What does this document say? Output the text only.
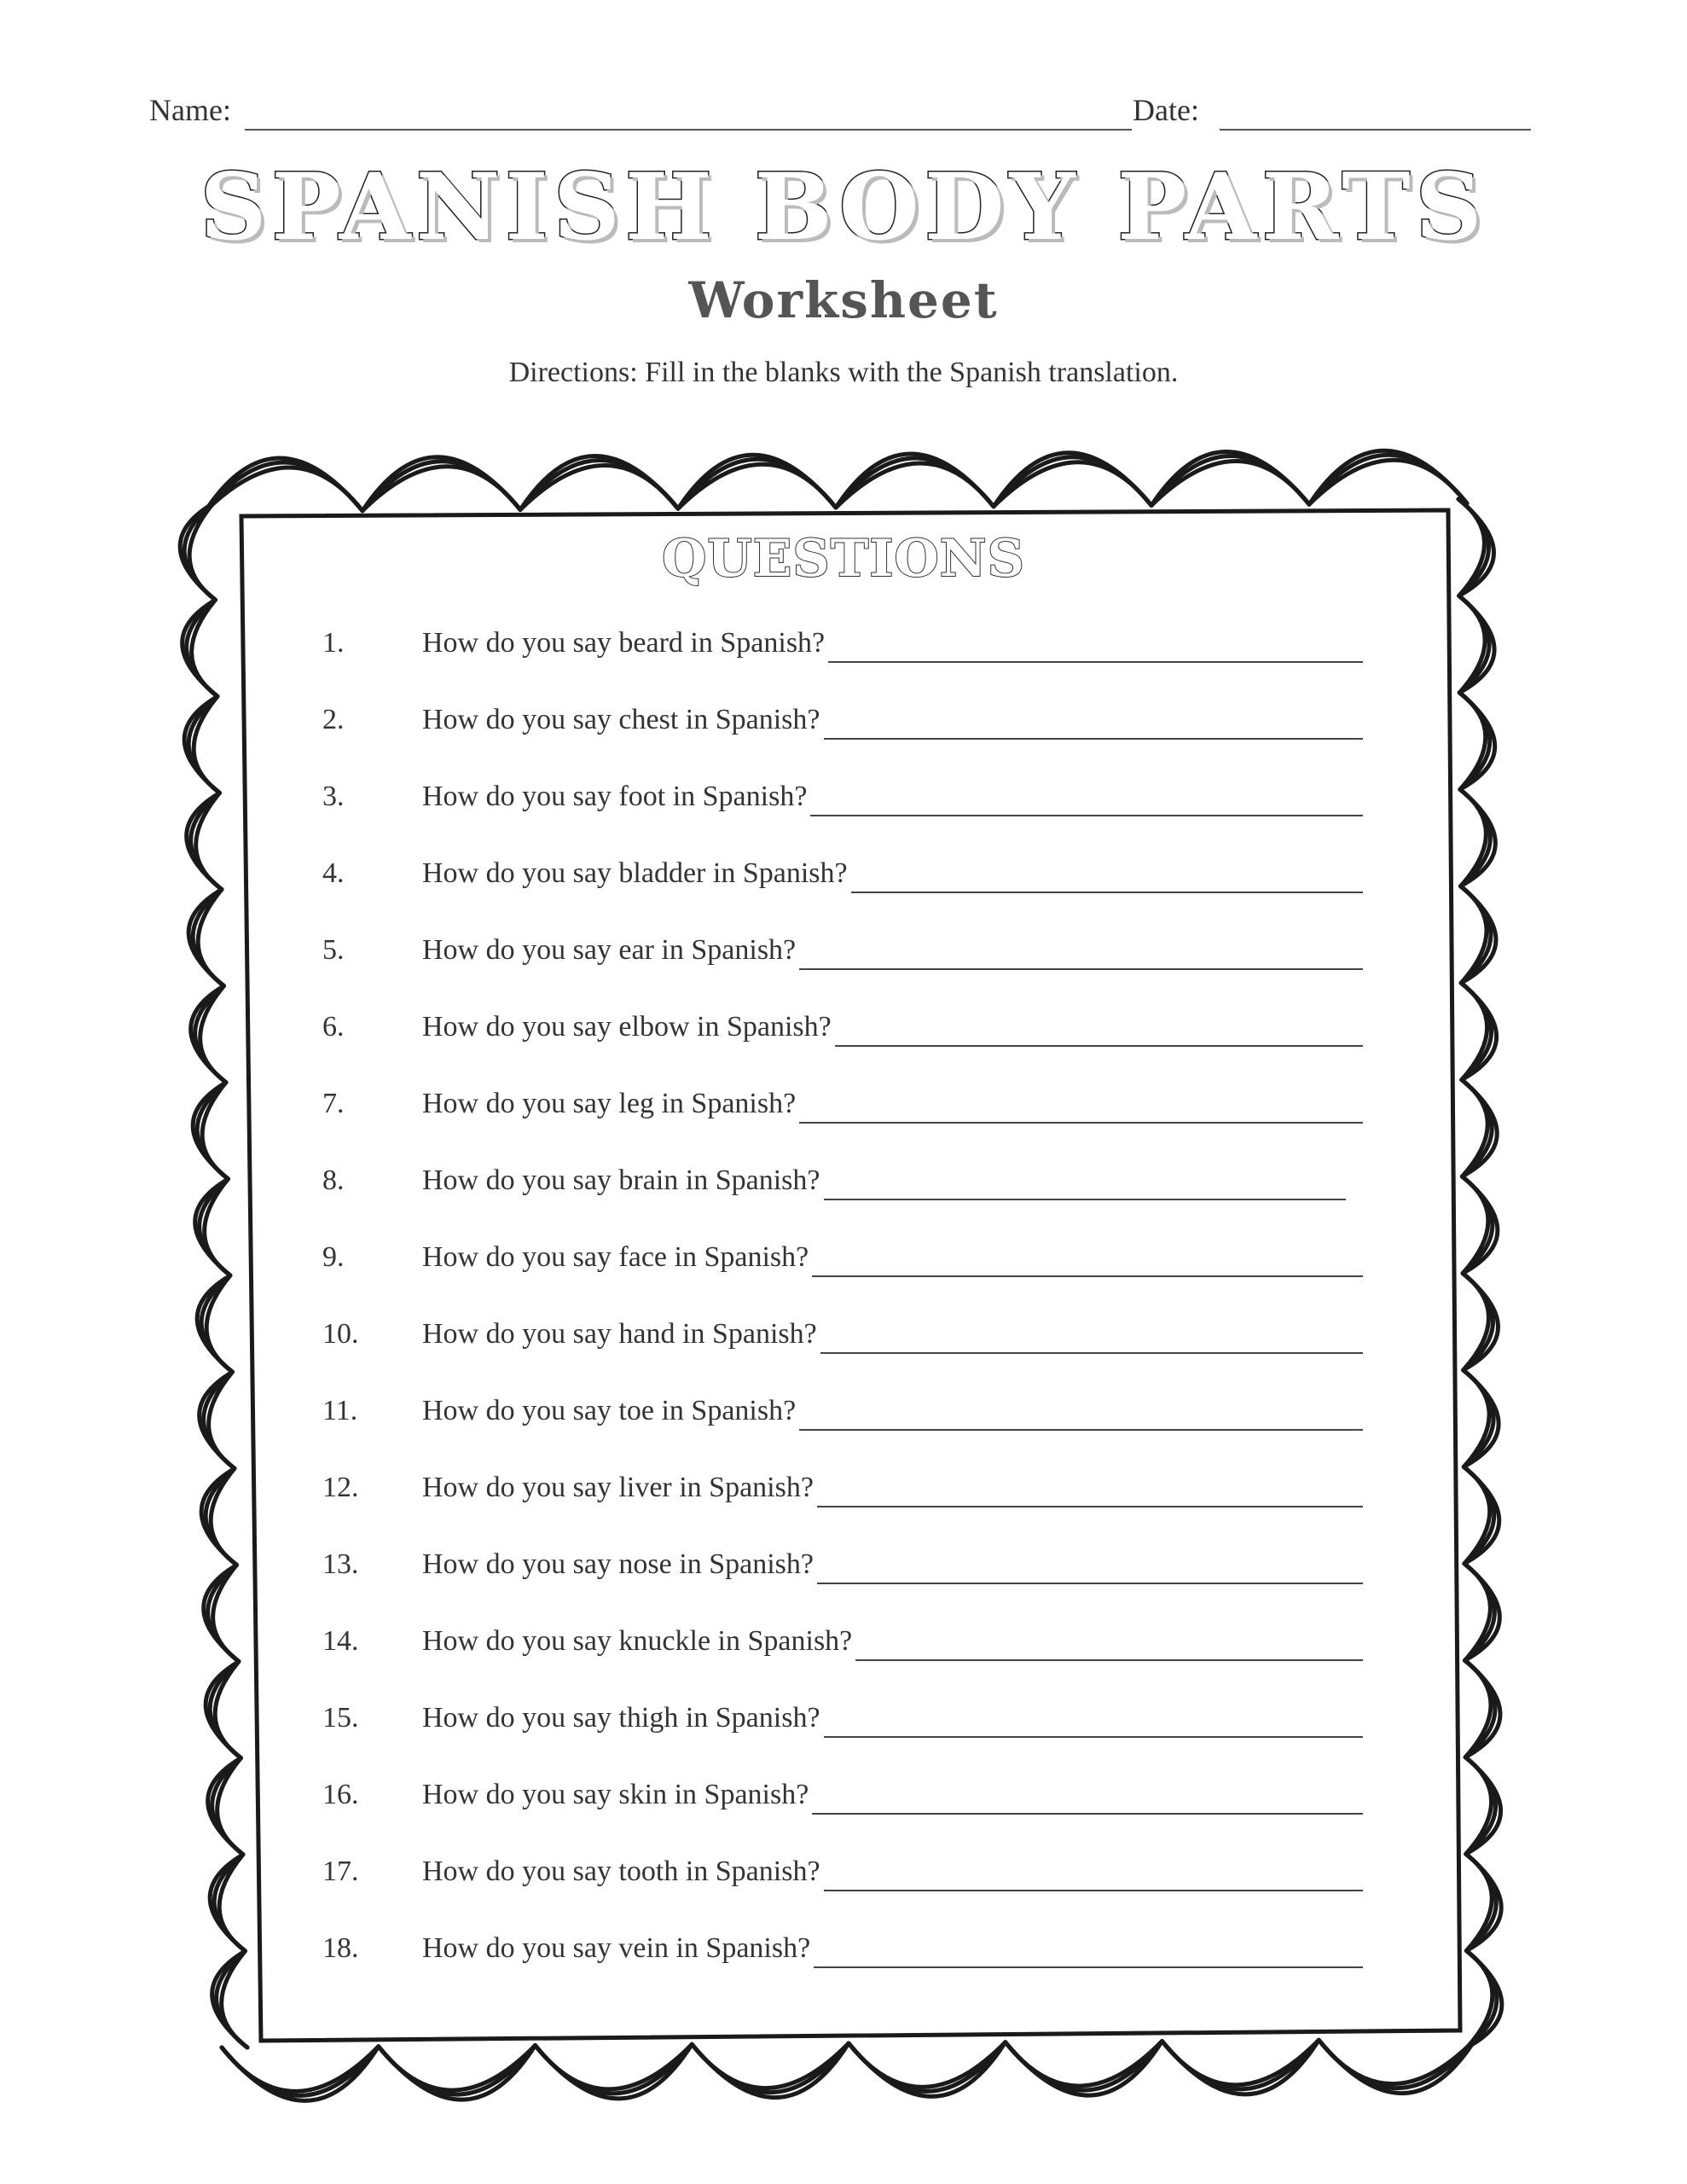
Name:	Date:
SPANISH BODY PARTS
Worksheet
Directions: Fill in the blanks with the Spanish translation.
QUESTIONS
1.	How do you say beard in Spanish?
2.	How do you say chest in Spanish?
3.	How do you say foot in Spanish?
4.	How do you say bladder in Spanish?
5.	How do you say ear in Spanish?
6.	How do you say elbow in Spanish?
7.	How do you say leg in Spanish?
8.	How do you say brain in Spanish?
9.	How do you say face in Spanish?
10. How do you say hand in Spanish?
11. How do you say toe in Spanish?
12. How do you say liver in Spanish?
13. How do you say nose in Spanish?
14. How do you say knuckle in Spanish?
15. How do you say thigh in Spanish?
16. How do you say skin in Spanish?
17. How do you say tooth in Spanish?
18. How do you say vein in Spanish?
